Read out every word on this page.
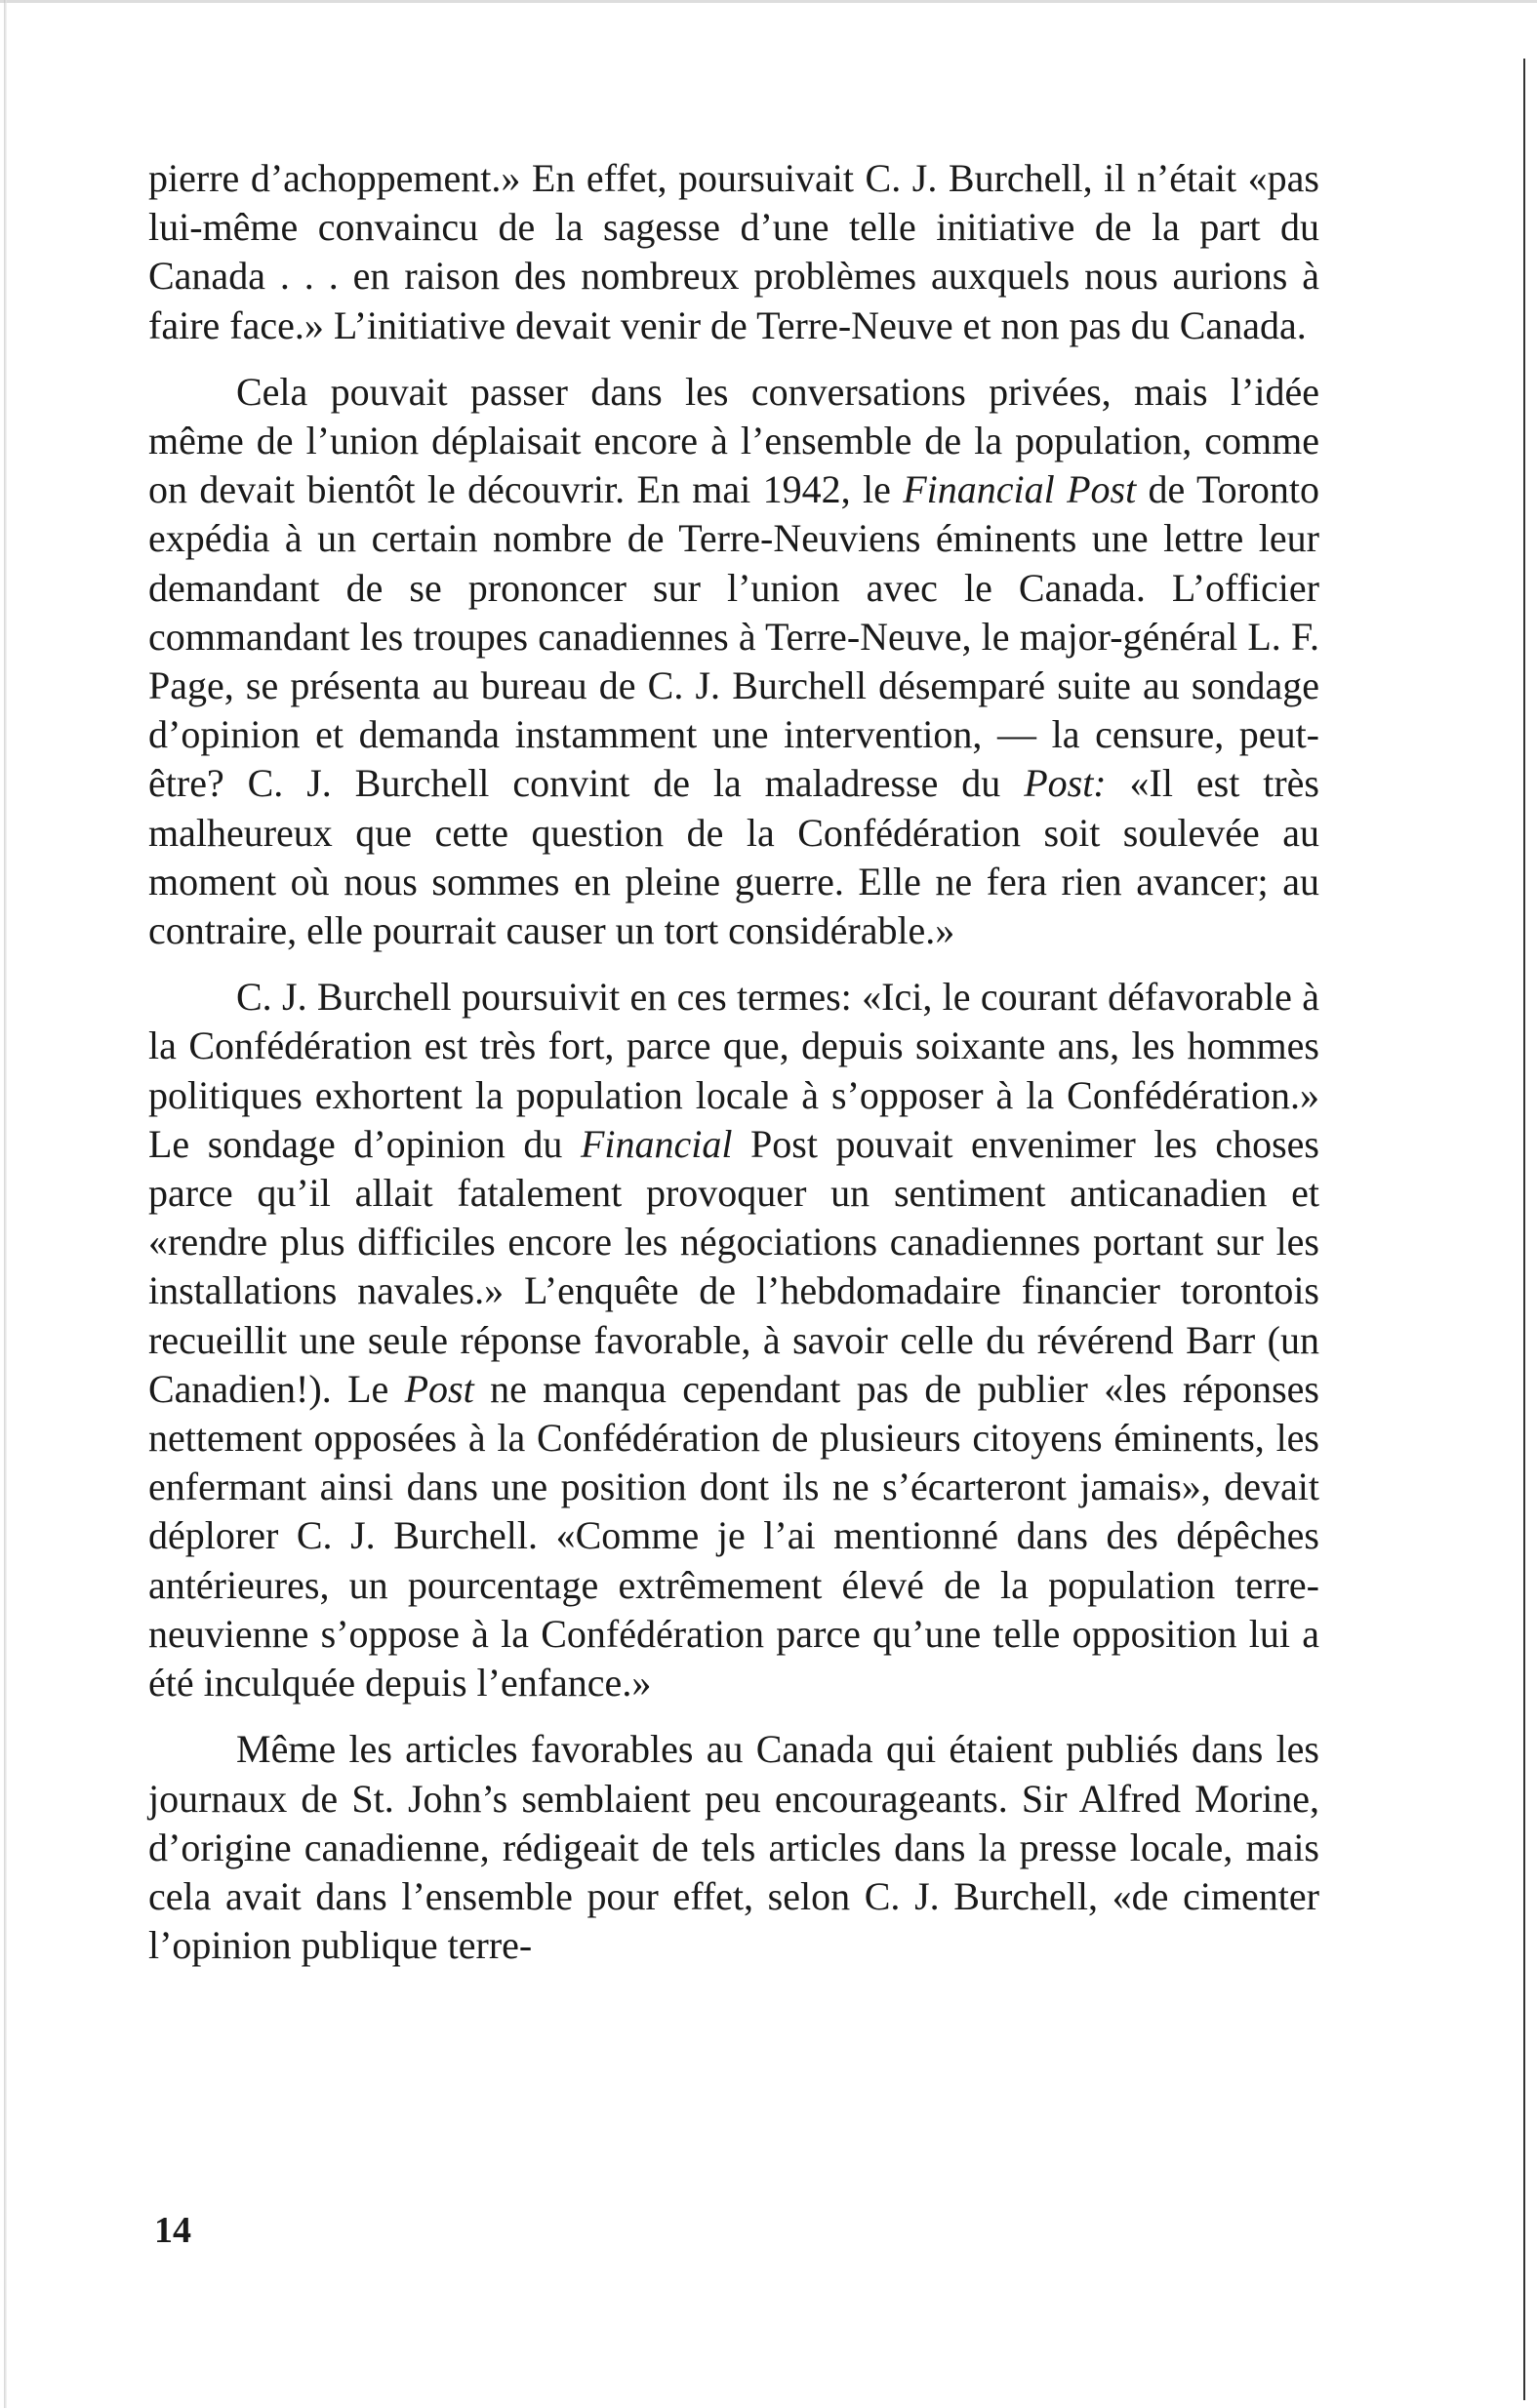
pierre d’achoppement.» En effet, poursuivait C. J. Burchell, il n’était «pas lui-même convaincu de la sagesse d’une telle initiative de la part du Canada . . . en raison des nombreux problèmes auxquels nous aurions à faire face.» L’initiative devait venir de Terre-Neuve et non pas du Canada.

Cela pouvait passer dans les conversations privées, mais l’idée même de l’union déplaisait encore à l’ensemble de la population, comme on devait bientôt le découvrir. En mai 1942, le Financial Post de Toronto expédia à un certain nombre de Terre-Neuviens éminents une lettre leur demandant de se prononcer sur l’union avec le Canada. L’officier commandant les troupes canadiennes à Terre-Neuve, le major-général L. F. Page, se présenta au bureau de C. J. Burchell désemparé suite au sondage d’opinion et demanda instamment une intervention, — la censure, peut-être? C. J. Burchell convint de la maladresse du Post: «Il est très malheureux que cette question de la Confédération soit soulevée au moment où nous sommes en pleine guerre. Elle ne fera rien avancer; au contraire, elle pourrait causer un tort considérable.»

C. J. Burchell poursuivit en ces termes: «Ici, le courant défavorable à la Confédération est très fort, parce que, depuis soixante ans, les hommes politiques exhortent la population locale à s’opposer à la Confédération.» Le sondage d’opinion du Financial Post pouvait envenimer les choses parce qu’il allait fatalement provoquer un sentiment anticanadien et «rendre plus difficiles encore les négociations canadiennes portant sur les installations navales.» L’enquête de l’hebdomadaire financier torontois recueillit une seule réponse favorable, à savoir celle du révérend Barr (un Canadien!). Le Post ne manqua cependant pas de publier «les réponses nettement opposées à la Confédération de plusieurs citoyens éminents, les enfermant ainsi dans une position dont ils ne s’écarteront jamais», devait déplorer C. J. Burchell. «Comme je l’ai mentionné dans des dépêches antérieures, un pourcentage extrêmement élevé de la population terre-neuvienne s’oppose à la Confédération parce qu’une telle opposition lui a été inculquée depuis l’enfance.»

Même les articles favorables au Canada qui étaient publiés dans les journaux de St. John’s semblaient peu encourageants. Sir Alfred Morine, d’origine canadienne, rédigeait de tels articles dans la presse locale, mais cela avait dans l’ensemble pour effet, selon C. J. Burchell, «de cimenter l’opinion publique terre-

14
